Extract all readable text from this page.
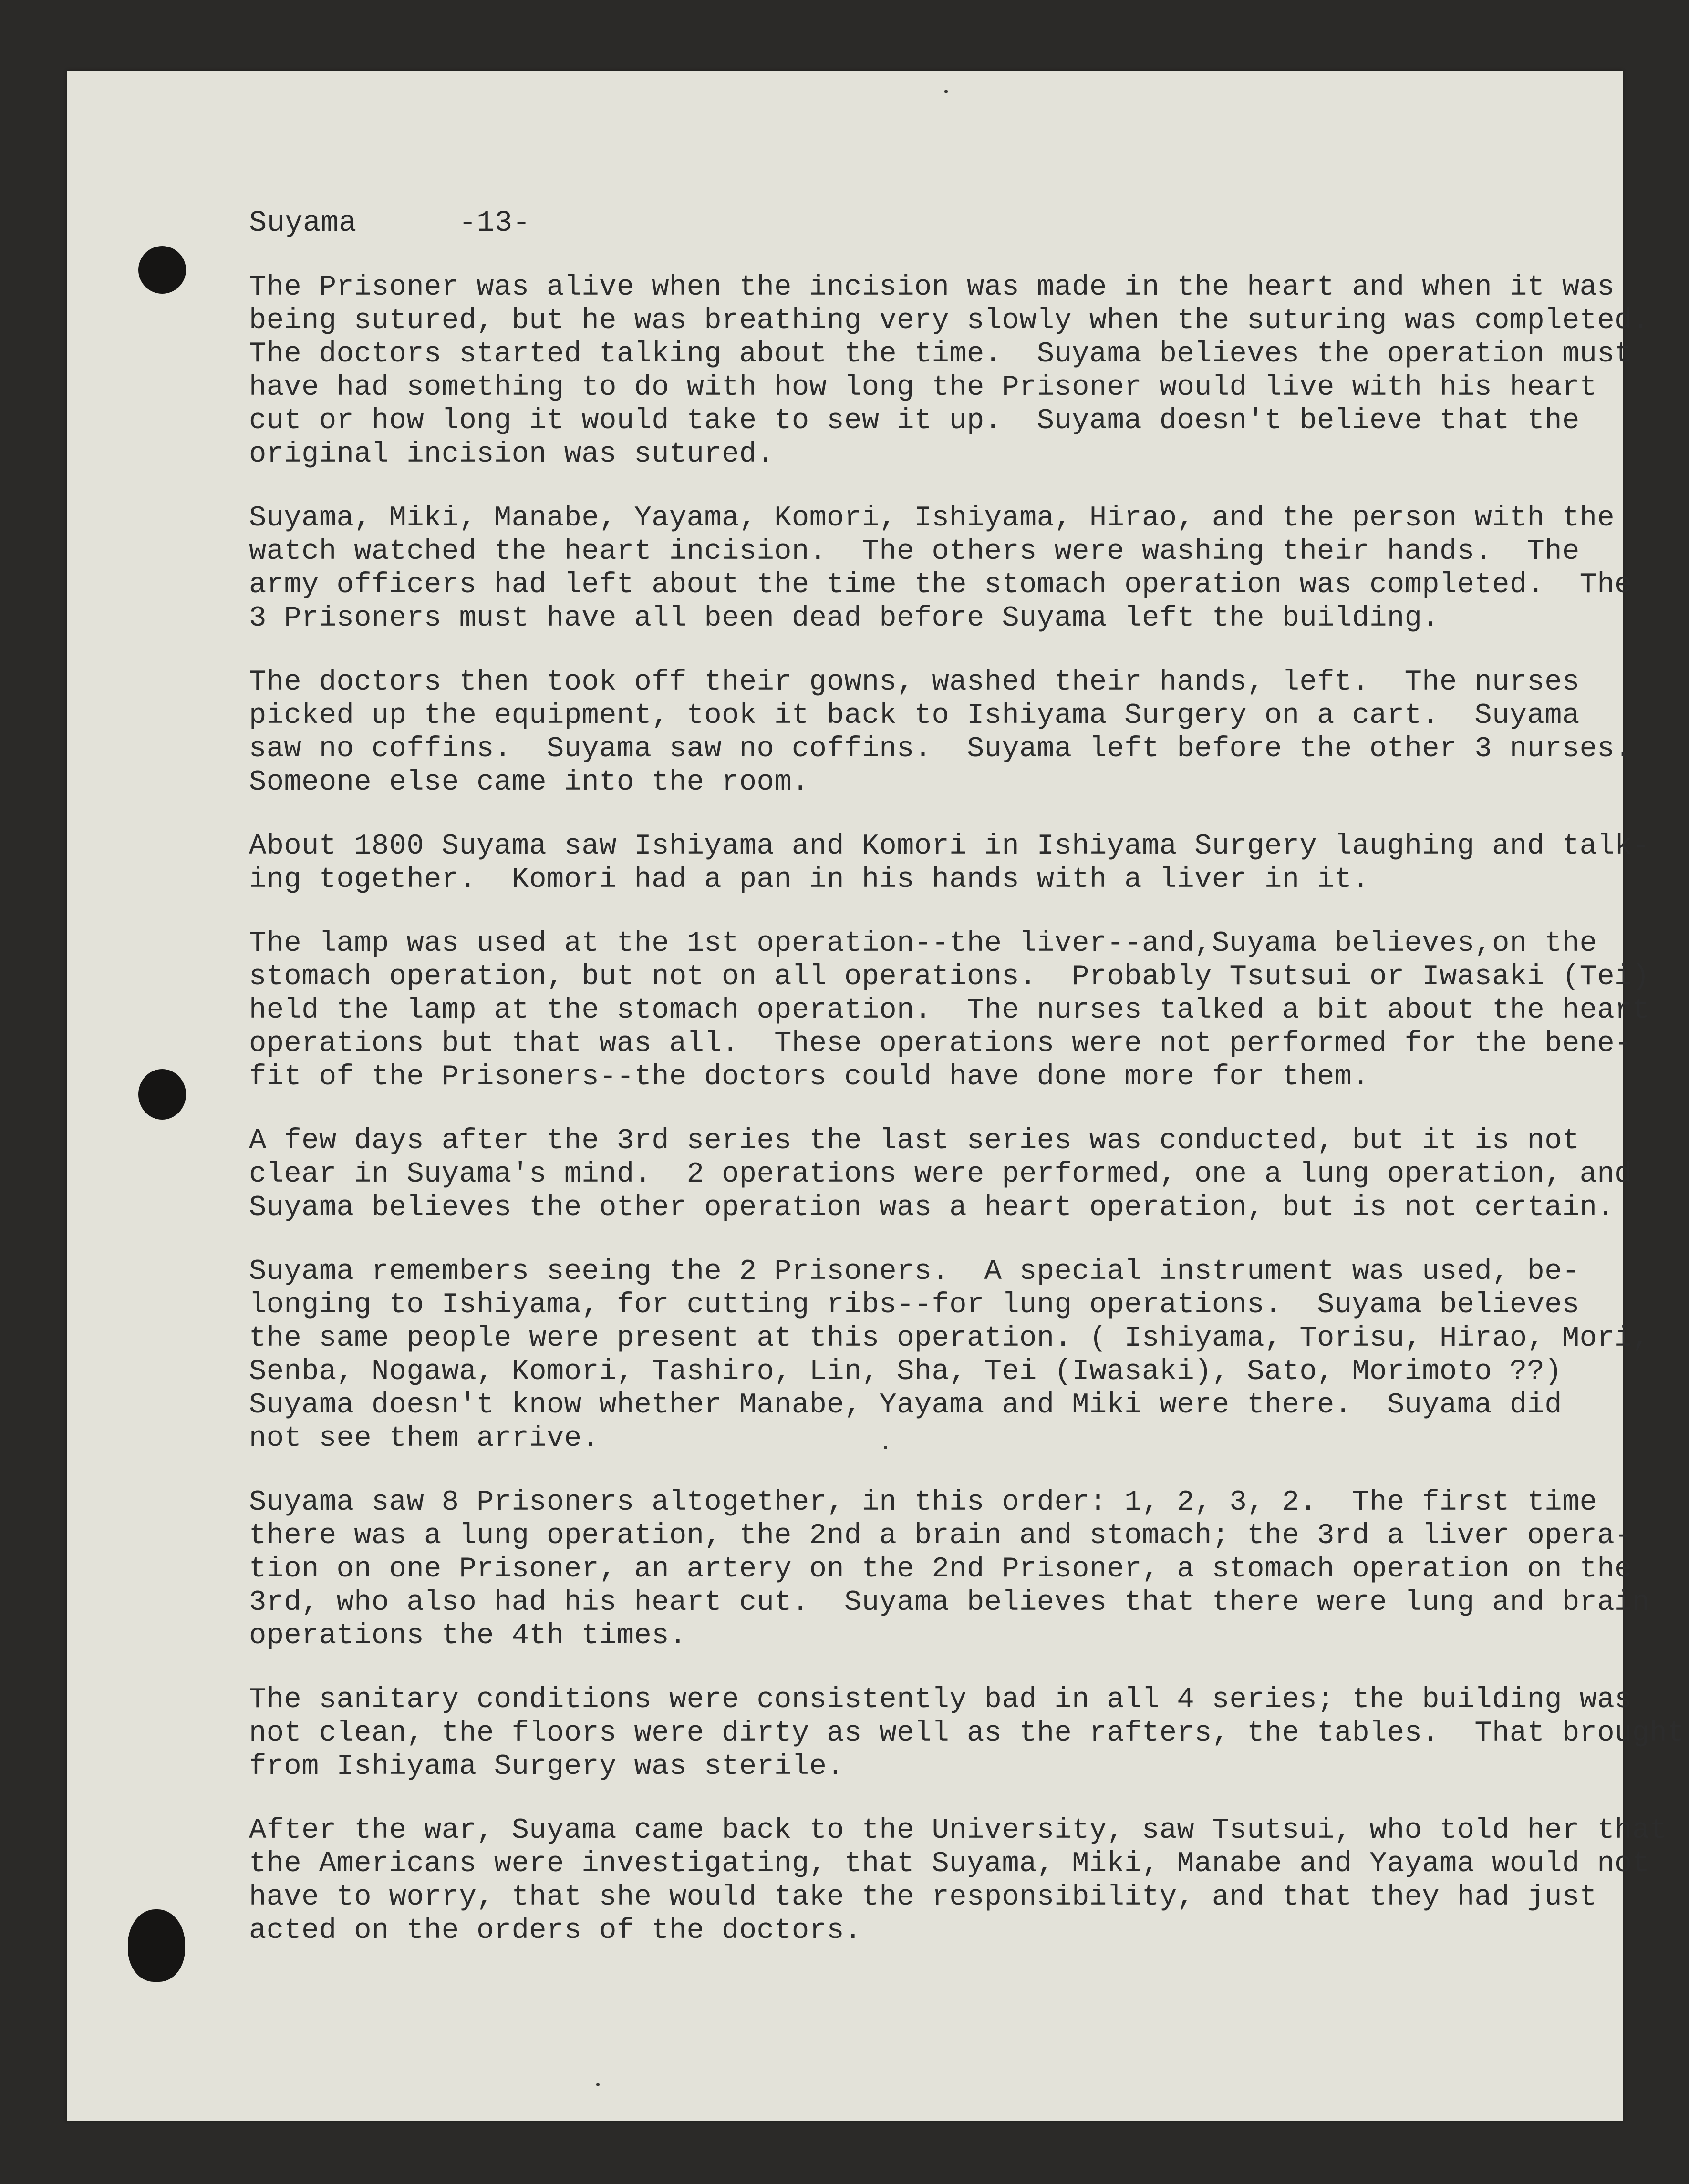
Suyama	-13-
The Prisoner was alive when the incision was made in the heart and when it was
being sutured, but he was breathing very slowly when the suturing was completed.
The doctors started talking about the time.  Suyama believes the operation must
have had something to do with how long the Prisoner would live with his heart
cut or how long it would take to sew it up.  Suyama doesn't believe that the
original incision was sutured.
Suyama, Miki, Manabe, Yayama, Komori, Ishiyama, Hirao, and the person with the
watch watched the heart incision.  The others were washing their hands.  The
army officers had left about the time the stomach operation was completed.  The
3 Prisoners must have all been dead before Suyama left the building.
The doctors then took off their gowns, washed their hands, left.  The nurses
picked up the equipment, took it back to Ishiyama Surgery on a cart.  Suyama
saw no coffins.  Suyama saw no coffins.  Suyama left before the other 3 nurses.
Someone else came into the room.
About 1800 Suyama saw Ishiyama and Komori in Ishiyama Surgery laughing and talk-
ing together.  Komori had a pan in his hands with a liver in it.
The lamp was used at the 1st operation--the liver--and,Suyama believes,on the
stomach operation, but not on all operations.  Probably Tsutsui or Iwasaki (Tei)
held the lamp at the stomach operation.  The nurses talked a bit about the heart
operations but that was all.  These operations were not performed for the bene-
fit of the Prisoners--the doctors could have done more for them.
A few days after the 3rd series the last series was conducted, but it is not
clear in Suyama's mind.  2 operations were performed, one a lung operation, and
Suyama believes the other operation was a heart operation, but is not certain.
Suyama remembers seeing the 2 Prisoners.  A special instrument was used, be-
longing to Ishiyama, for cutting ribs--for lung operations.  Suyama believes
the same people were present at this operation. ( Ishiyama, Torisu, Hirao, Mori,
Senba, Nogawa, Komori, Tashiro, Lin, Sha, Tei (Iwasaki), Sato, Morimoto ??)
Suyama doesn't know whether Manabe, Yayama and Miki were there.  Suyama did
not see them arrive.
Suyama saw 8 Prisoners altogether, in this order: 1, 2, 3, 2.  The first time
there was a lung operation, the 2nd a brain and stomach; the 3rd a liver opera-
tion on one Prisoner, an artery on the 2nd Prisoner, a stomach operation on the
3rd, who also had his heart cut.  Suyama believes that there were lung and brain
operations the 4th times.
The sanitary conditions were consistently bad in all 4 series; the building was
not clean, the floors were dirty as well as the rafters, the tables.  That brought
from Ishiyama Surgery was sterile.
After the war, Suyama came back to the University, saw Tsutsui, who told her that
the Americans were investigating, that Suyama, Miki, Manabe and Yayama would not
have to worry, that she would take the responsibility, and that they had just
acted on the orders of the doctors.
